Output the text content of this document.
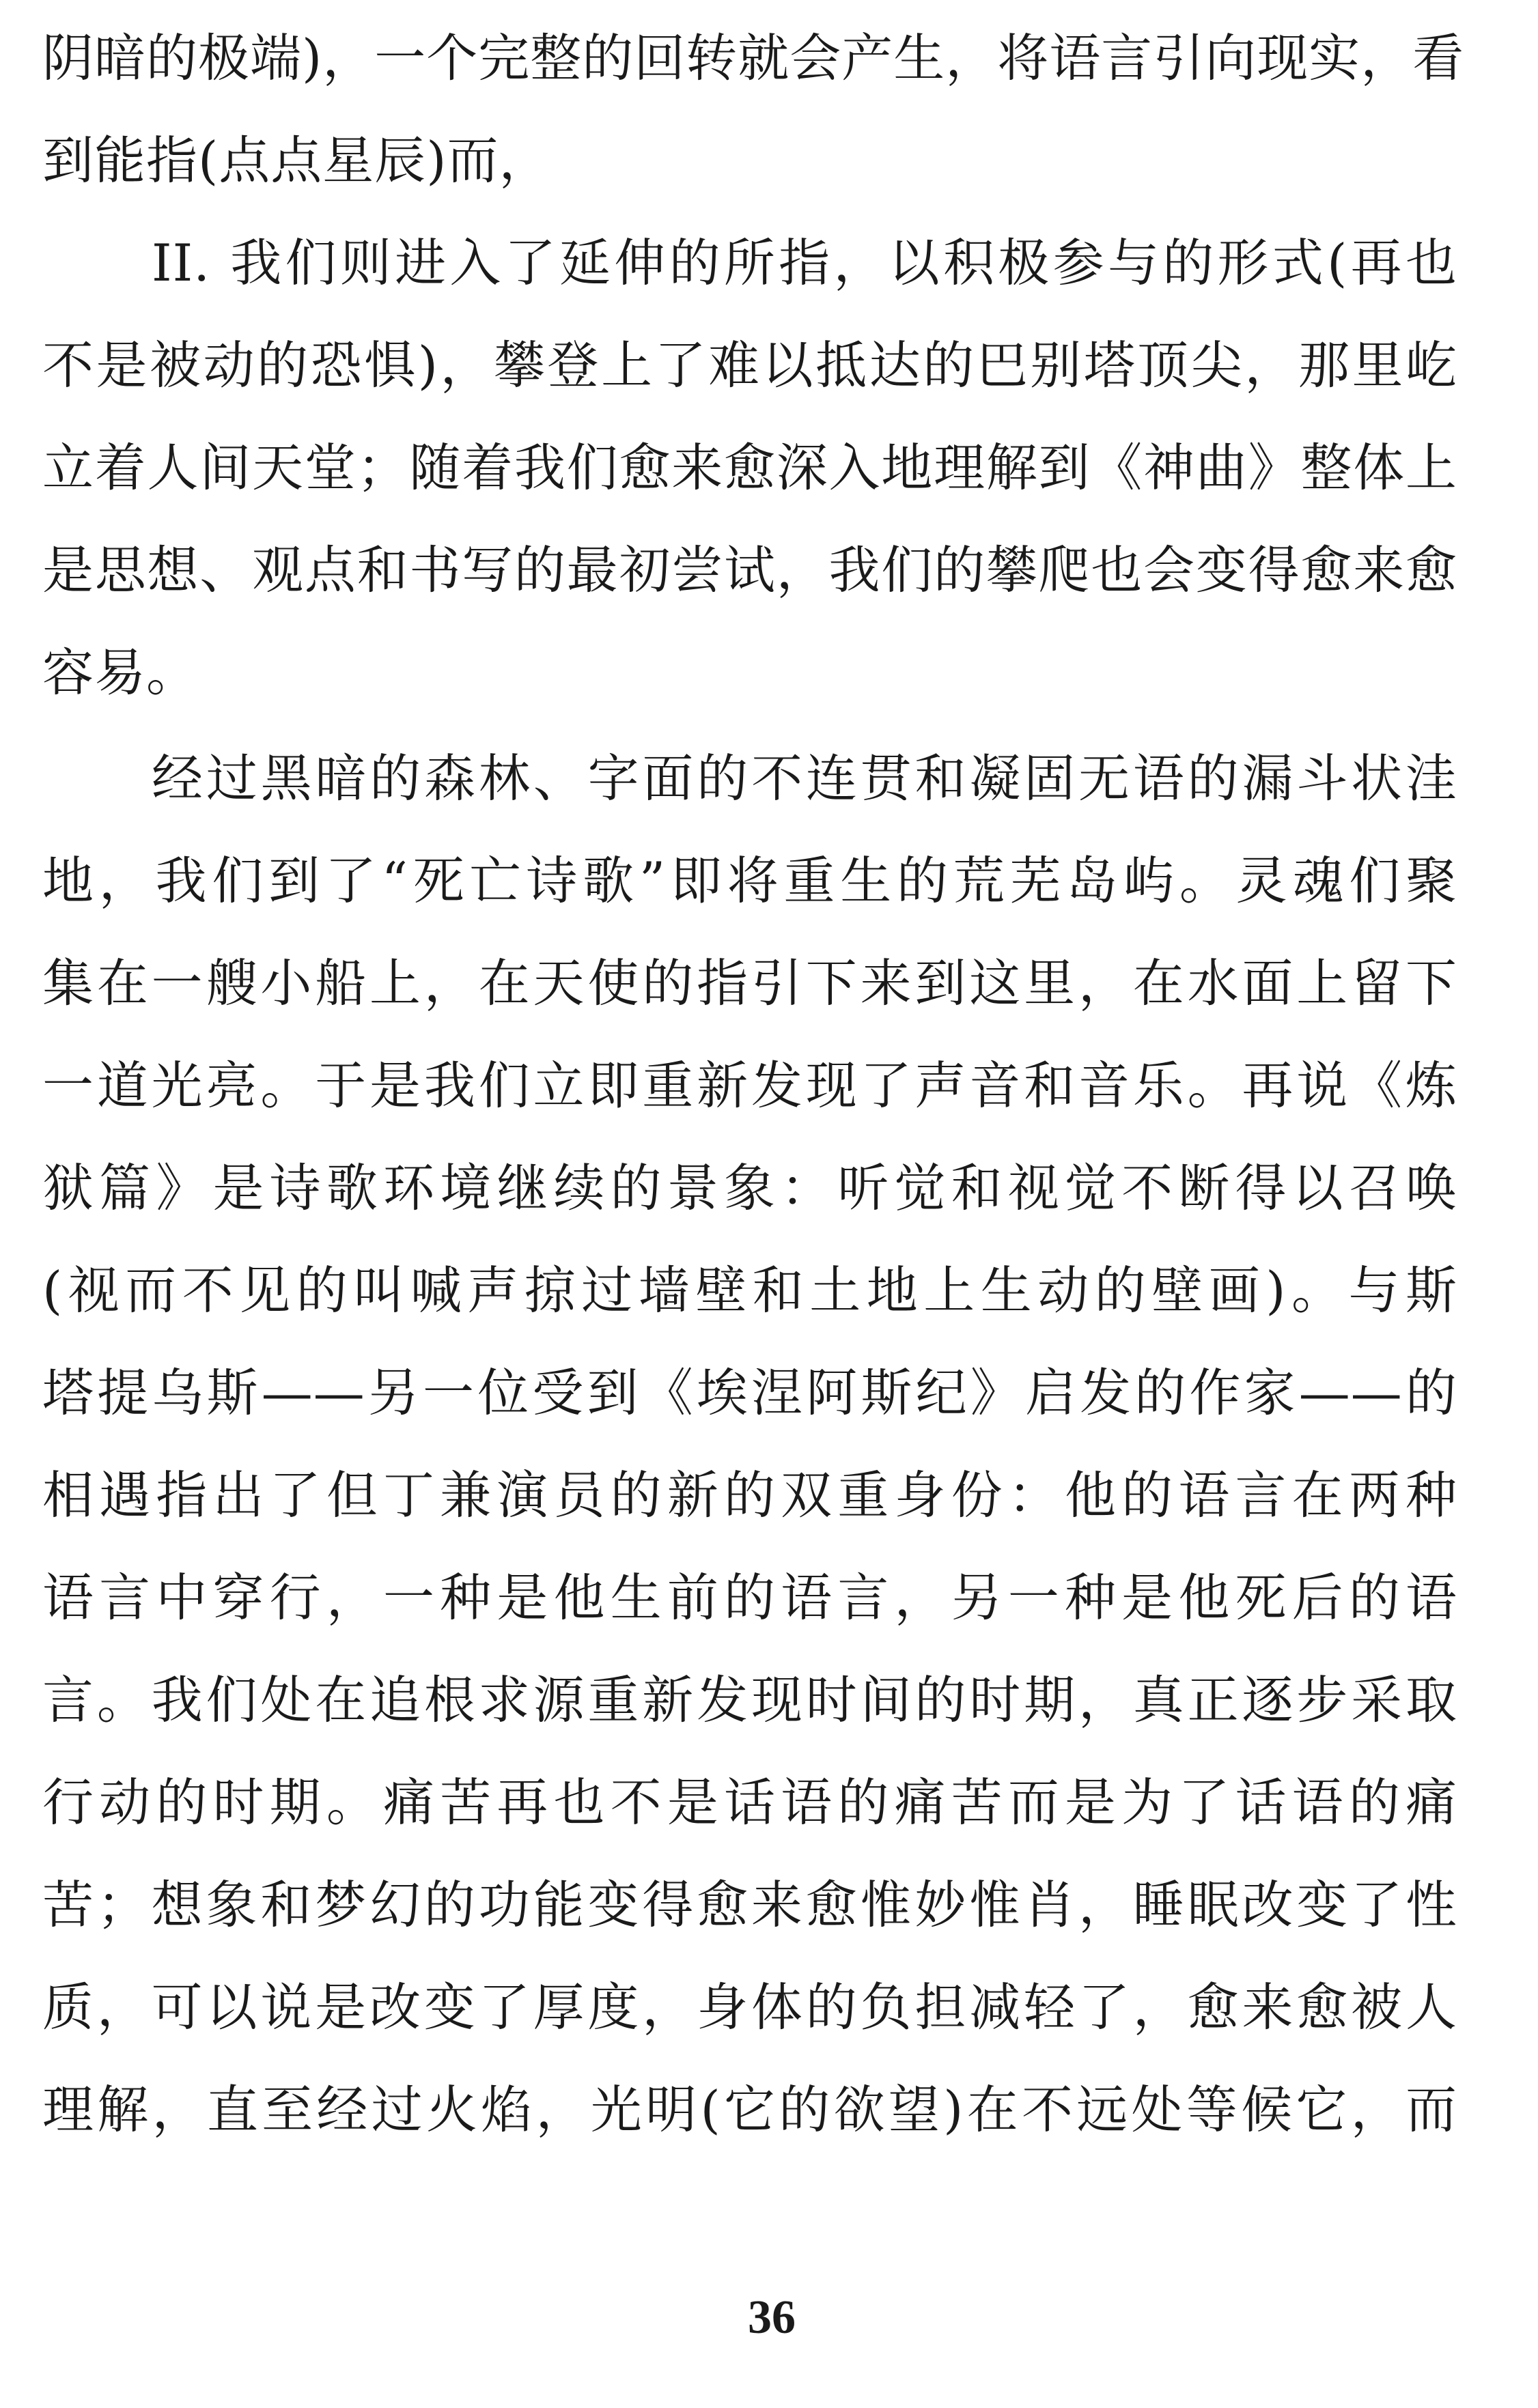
阴暗的极端)，一个完整的回转就会产生，将语言引向现实，看
到能指(点点星辰)而，
II. 我们则进入了延伸的所指，以积极参与的形式(再也
不是被动的恐惧)，攀登上了难以抵达的巴别塔顶尖，那里屹
立着人间天堂；随着我们愈来愈深入地理解到《神曲》整体上
是思想、观点和书写的最初尝试，我们的攀爬也会变得愈来愈
容易。
经过黑暗的森林、字面的不连贯和凝固无语的漏斗状洼
地，我们到了“死亡诗歌”即将重生的荒芜岛屿。灵魂们聚
集在一艘小船上，在天使的指引下来到这里，在水面上留下
一道光亮。于是我们立即重新发现了声音和音乐。再说《炼
狱篇》是诗歌环境继续的景象：听觉和视觉不断得以召唤
(视而不见的叫喊声掠过墙壁和土地上生动的壁画)。与斯
塔提乌斯——另一位受到《埃涅阿斯纪》启发的作家——的
相遇指出了但丁兼演员的新的双重身份：他的语言在两种
语言中穿行，一种是他生前的语言，另一种是他死后的语
言。我们处在追根求源重新发现时间的时期，真正逐步采取
行动的时期。痛苦再也不是话语的痛苦而是为了话语的痛
苦；想象和梦幻的功能变得愈来愈惟妙惟肖，睡眠改变了性
质，可以说是改变了厚度，身体的负担减轻了，愈来愈被人
理解，直至经过火焰，光明(它的欲望)在不远处等候它，而
36
